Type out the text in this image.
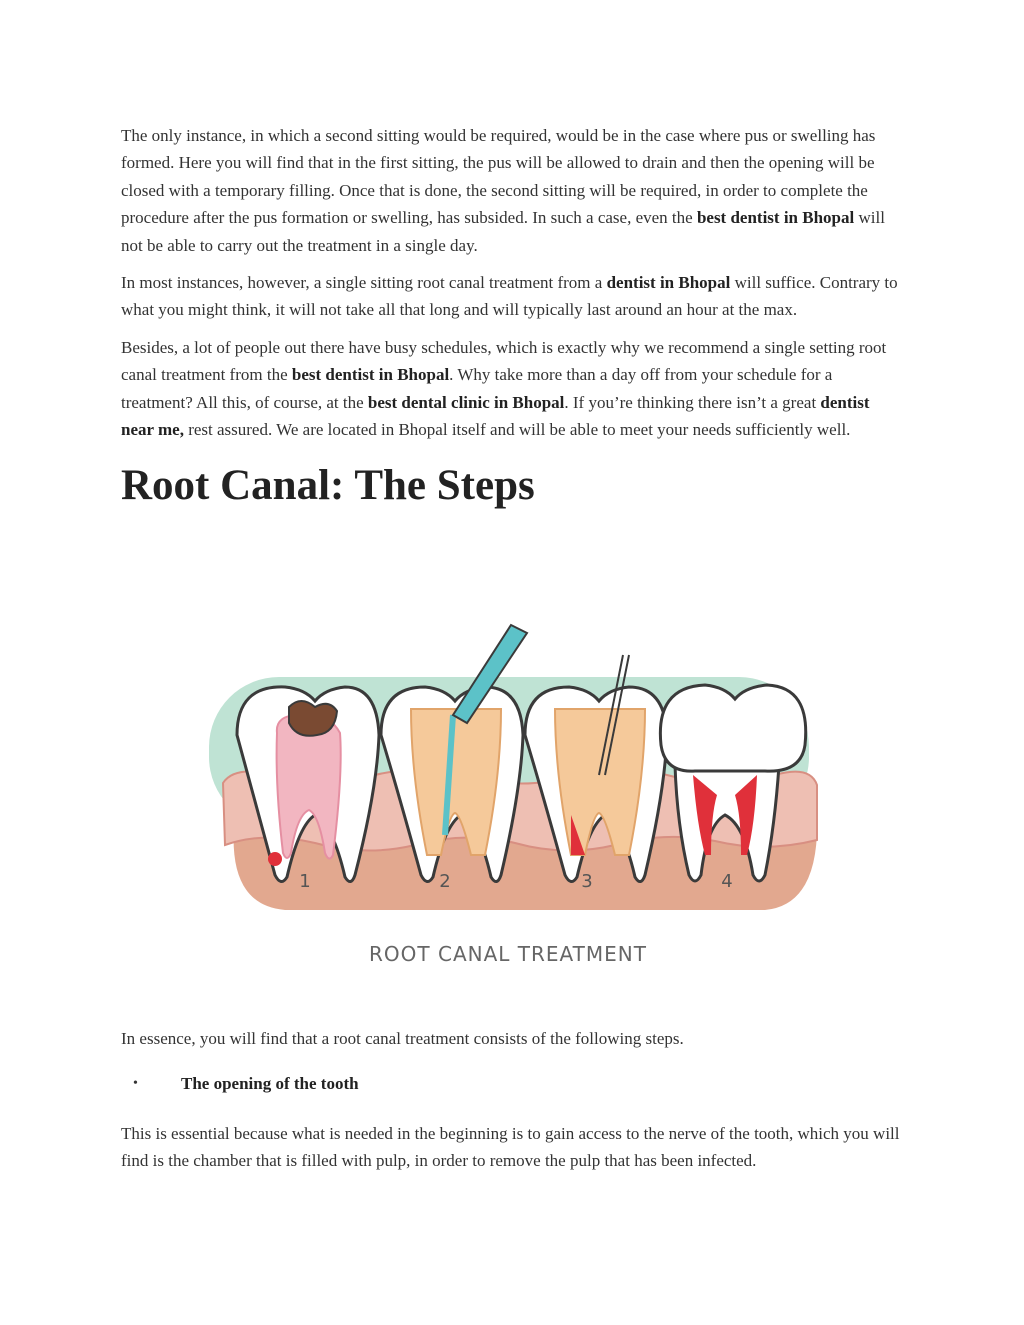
The only instance, in which a second sitting would be required, would be in the case where pus or swelling has formed. Here you will find that in the first sitting, the pus will be allowed to drain and then the opening will be closed with a temporary filling. Once that is done, the second sitting will be required, in order to complete the procedure after the pus formation or swelling, has subsided. In such a case, even the best dentist in Bhopal will not be able to carry out the treatment in a single day.

In most instances, however, a single sitting root canal treatment from a dentist in Bhopal will suffice. Contrary to what you might think, it will not take all that long and will typically last around an hour at the max.

Besides, a lot of people out there have busy schedules, which is exactly why we recommend a single setting root canal treatment from the best dentist in Bhopal. Why take more than a day off from your schedule for a treatment? All this, of course, at the best dental clinic in Bhopal. If you’re thinking there isn’t a great dentist near me, rest assured. We are located in Bhopal itself and will be able to meet your needs sufficiently well.

Root Canal: The Steps
1	2	3	4
ROOT CANAL TREATMENT

In essence, you will find that a root canal treatment consists of the following steps.

•	The opening of the tooth

This is essential because what is needed in the beginning is to gain access to the nerve of the tooth, which you will find is the chamber that is filled with pulp, in order to remove the pulp that has been infected.
